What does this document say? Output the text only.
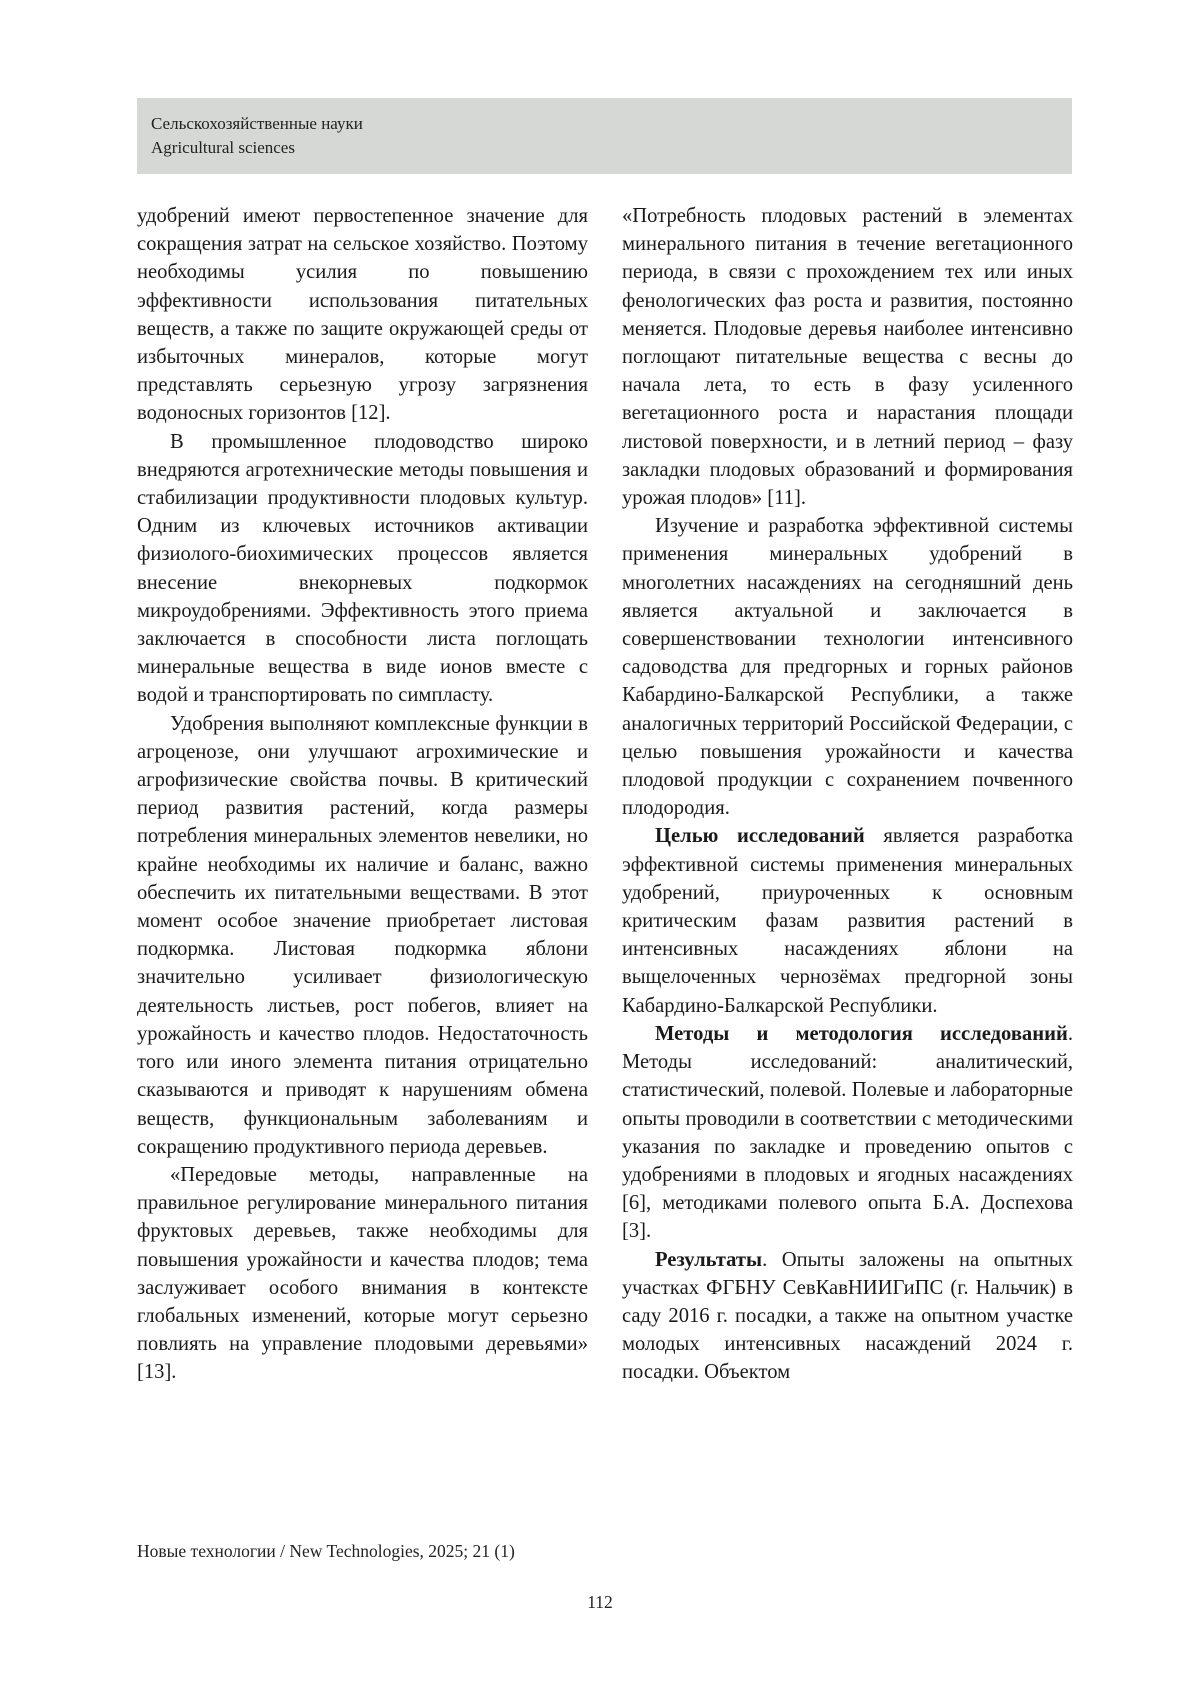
Сельскохозяйственные науки
Agricultural sciences

удобрений имеют первостепенное значение для сокращения затрат на сельское хозяйство. Поэтому необходимы усилия по повышению эффективности использования питательных веществ, а также по защите окружающей среды от избыточных минералов, которые могут представлять серьезную угрозу загрязнения водоносных горизонтов [12].

В промышленное плодоводство широко внедряются агротехнические методы повышения и стабилизации продуктивности плодовых культур. Одним из ключевых источников активации физиолого-биохимических процессов является внесение внекорневых подкормок микроудобрениями. Эффективность этого приема заключается в способности листа поглощать минеральные вещества в виде ионов вместе с водой и транспортировать по симпласту.

Удобрения выполняют комплексные функции в агроценозе, они улучшают агрохимические и агрофизические свойства почвы. В критический период развития растений, когда размеры потребления минеральных элементов невелики, но крайне необходимы их наличие и баланс, важно обеспечить их питательными веществами. В этот момент особое значение приобретает листовая подкормка. Листовая подкормка яблони значительно усиливает физиологическую деятельность листьев, рост побегов, влияет на урожайность и качество плодов. Недостаточность того или иного элемента питания отрицательно сказываются и приводят к нарушениям обмена веществ, функциональным заболеваниям и сокращению продуктивного периода деревьев.

«Передовые методы, направленные на правильное регулирование минерального питания фруктовых деревьев, также необходимы для повышения урожайности и качества плодов; тема заслуживает особого внимания в контексте глобальных изменений, которые могут серьезно повлиять на управление плодовыми деревьями» [13].

«Потребность плодовых растений в элементах минерального питания в течение вегетационного периода, в связи с прохождением тех или иных фенологических фаз роста и развития, постоянно меняется. Плодовые деревья наиболее интенсивно поглощают питательные вещества с весны до начала лета, то есть в фазу усиленного вегетационного роста и нарастания площади листовой поверхности, и в летний период – фазу закладки плодовых образований и формирования урожая плодов» [11].

Изучение и разработка эффективной системы применения минеральных удобрений в многолетних насаждениях на сегодняшний день является актуальной и заключается в совершенствовании технологии интенсивного садоводства для предгорных и горных районов Кабардино-Балкарской Республики, а также аналогичных территорий Российской Федерации, с целью повышения урожайности и качества плодовой продукции с сохранением почвенного плодородия.

Целью исследований является разработка эффективной системы применения минеральных удобрений, приуроченных к основным критическим фазам развития растений в интенсивных насаждениях яблони на выщелоченных чернозёмах предгорной зоны Кабардино-Балкарской Республики.

Методы и методология исследований. Методы исследований: аналитический, статистический, полевой. Полевые и лабораторные опыты проводили в соответствии с методическими указания по закладке и проведению опытов с удобрениями в плодовых и ягодных насаждениях [6], методиками полевого опыта Б.А. Доспехова [3].

Результаты. Опыты заложены на опытных участках ФГБНУ СевКавНИИГиПС (г. Нальчик) в саду 2016 г. посадки, а также на опытном участке молодых интенсивных насаждений 2024 г. посадки. Объектом

Новые технологии / New Technologies, 2025; 21 (1)
112
